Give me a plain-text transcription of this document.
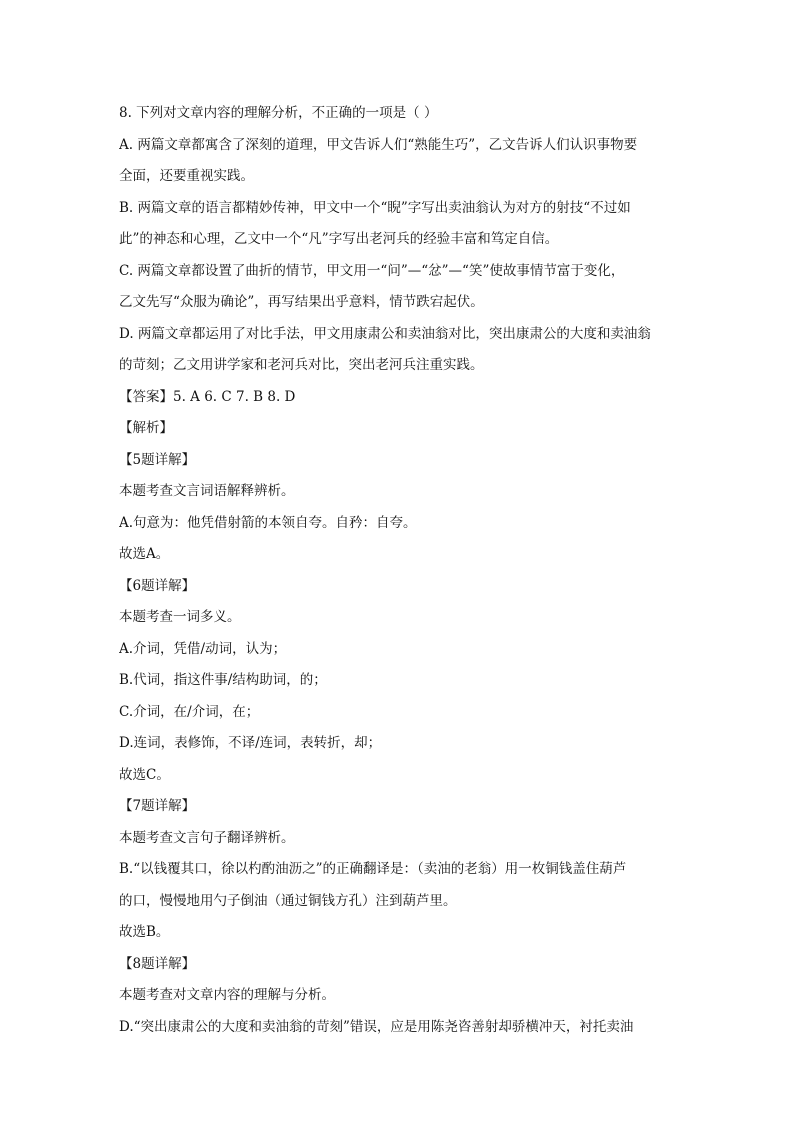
8. 下列对文章内容的理解分析，不正确的一项是（ ）
A. 两篇文章都寓含了深刻的道理，甲文告诉人们“熟能生巧”，乙文告诉人们认识事物要
全面，还要重视实践。
B. 两篇文章的语言都精妙传神，甲文中一个“睨”字写出卖油翁认为对方的射技“不过如
此”的神态和心理，乙文中一个“凡”字写出老河兵的经验丰富和笃定自信。
C. 两篇文章都设置了曲折的情节，甲文用一“问”—“忿”—“笑”使故事情节富于变化，
乙文先写“众服为确论”，再写结果出乎意料，情节跌宕起伏。
D. 两篇文章都运用了对比手法，甲文用康肃公和卖油翁对比，突出康肃公的大度和卖油翁
的苛刻；乙文用讲学家和老河兵对比，突出老河兵注重实践。
【答案】5. A 6. C 7. B 8. D
【解析】
【5题详解】
本题考查文言词语解释辨析。
A.句意为：他凭借射箭的本领自夸。自矜：自夸。
故选A。
【6题详解】
本题考查一词多义。
A.介词，凭借/动词，认为；
B.代词，指这件事/结构助词，的；
C.介词，在/介词，在；
D.连词，表修饰，不译/连词，表转折，却；
故选C。
【7题详解】
本题考查文言句子翻译辨析。
B.“以钱覆其口，徐以杓酌油沥之”的正确翻译是：（卖油的老翁）用一枚铜钱盖住葫芦
的口，慢慢地用勺子倒油（通过铜钱方孔）注到葫芦里。
故选B。
【8题详解】
本题考查对文章内容的理解与分析。
D.“突出康肃公的大度和卖油翁的苛刻”错误，应是用陈尧咨善射却骄横冲天，衬托卖油
